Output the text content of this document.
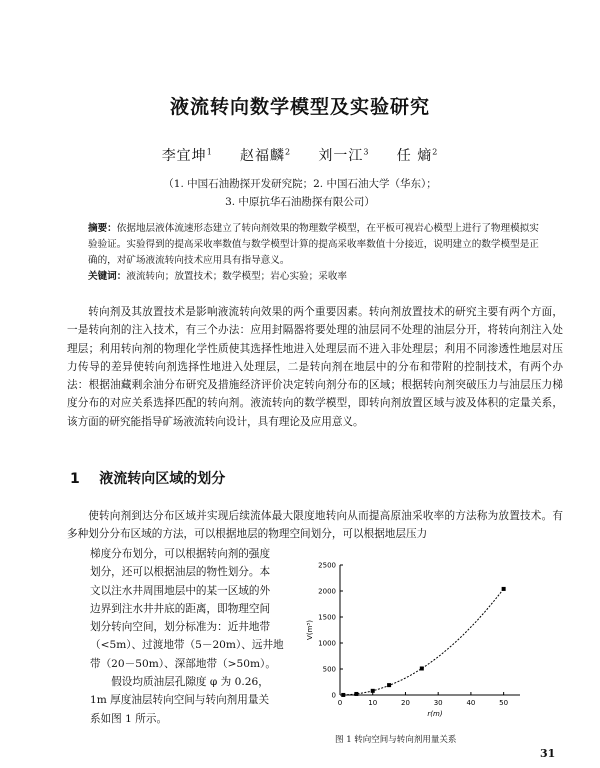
液流转向数学模型及实验研究
李宜坤$^1$ 赵福麟$^2$ 刘一江$^3$ 任 熵$^2$
（1. 中国石油勘探开发研究院；2. 中国石油大学（华东）；
3. 中原抗华石油勘探有限公司）
摘要：依据地层液体流速形态建立了转向剂效果的物理数学模型，在平板可视岩心模型上进行了物理模拟实验验证。实验得到的提高采收率数值与数学模型计算的提高采收率数值十分接近，说明建立的数学模型是正确的，对矿场液流转向技术应用具有指导意义。
关键词：液流转向；放置技术；数学模型；岩心实验；采收率
转向剂及其放置技术是影响液流转向效果的两个重要因素。转向剂放置技术的研究主要有两个方面，一是转向剂的注入技术，有三个办法：应用封隔器将要处理的油层同不处理的油层分开，将转向剂注入处理层；利用转向剂的物理化学性质使其选择性地进入处理层而不进入非处理层；利用不同渗透性地层对压力传导的差异使转向剂选择性地进入处理层，二是转向剂在地层中的分布和带附的控制技术，有两个办法：根据油藏剩余油分布研究及措施经济评价决定转向剂分布的区域；根据转向剂突破压力与油层压力梯度分布的对应关系选择匹配的转向剂。液流转向的数学模型，即转向剂放置区域与波及体积的定量关系，该方面的研究能指导矿场液流转向设计，具有理论及应用意义。
1 液流转向区域的划分
使转向剂到达分布区域并实现后续流体最大限度地转向从而提高原油采收率的方法称为放置技术。有多种划分分布区域的方法，可以根据地层的物理空间划分，可以根据地层压力

梯度分布划分，可以根据转向剂的强度

划分，还可以根据油层的物性划分。本

文以注水井周围地层中的某一区域的外

边界到注水井井底的距离，即物理空间

划分转向空间，划分标准为：近井地带

（<5m）、过渡地带（5－20m）、远井地

带（20－50m）、深部地带（>50m）。

假设均质油层孔隙度 φ 为 0.26，

1m 厚度油层转向空间与转向剂用量关

系如图 1 所示。

0	10	20	30	40	50
0
500
1000
1500
2000
2500
r(m)
V(m³)
图 1 转向空间与转向剂用量关系
31
